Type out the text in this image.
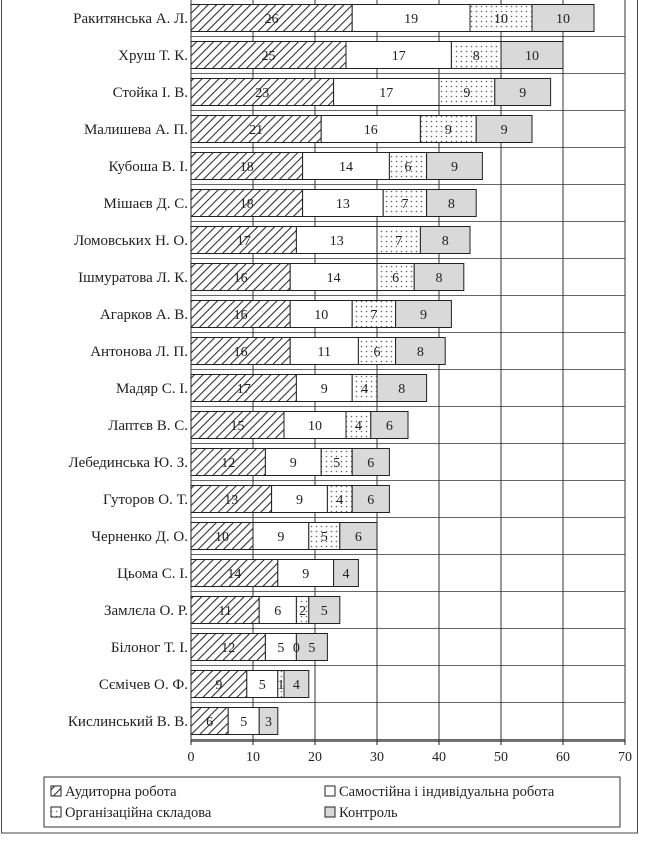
26	19	10	10
Ракитянська А. Л.
25	17	8	10
Хруш Т. К.
23	17	9	9
Стойка І. В.
21	16	9	9
Малишева А. П.
18	14	6	9
Кубоша В. І.
18	13	7	8
Мішаєв Д. С.
17	13	7	8
Ломовських Н. О.
16	14	6	8
Ішмуратова Л. К.
16	10	7	9
Агарков А. В.
16	11	6	8
Антонова Л. П.
17	9 4 8
Мадяр С. І.
15	10 4 6
Лаптєв В. С.
12	9	5 6
Лебединська Ю. З.
13	9 4 6
Гуторов О. Т.
10	9	5 6
Черненко Д. О.
14	9 4
Цьома С. І.
11	6 2 5
Замлєла О. Р.
12	5 0 5
Білоног Т. І.
9	5 1 4
Сємічев О. Ф.
6 5 3
Кислинський В. В.
0	10	20	30	40	50	60	70
Аудиторна робота	Самостійна і індивідуальна робота
Організаційна складова	Контроль
